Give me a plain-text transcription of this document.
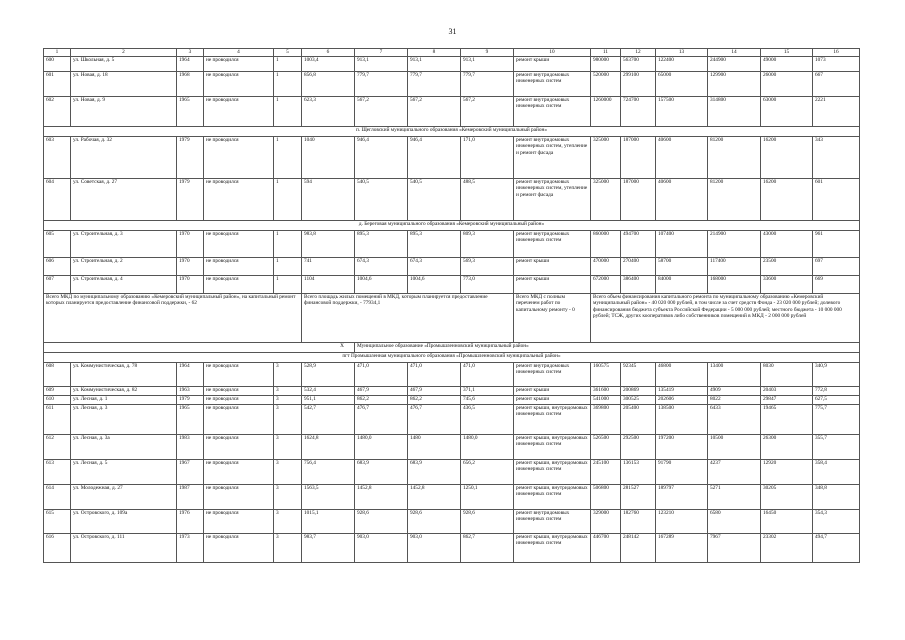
31
1	2	3	4	5	6	7	8	9	10	11	12	13	14	15	16
600	ул. Школьная, д. 5	1964	не проводился	1	1003,4	913,1	913,1	913,1	ремонт крыши	980000	563700	122400	244900	49000	1073
601	ул. Новая, д. 18	1968	не проводился	1	856,8	779,7	779,7	779,7	ремонт внутридомовых инженерных систем	520000	299100	65000	129900	26000	667
602	ул. Новая, д. 9	1965	не проводился	1	623,3	567,2	567,2	567,2	ремонт внутридомовых инженерных систем	1260000	724700	157500	314800	63000	2221
п. Щегловский муниципального образования «Кемеровский муниципальный район»															
603	ул. Рабочая, д. 32	1979	не проводился	1	1040	946,4	946,4	171,0	ремонт внутридомовых инженерных систем, утепление и ремонт фасада	325000	187000	40600	81200	16200	343
604	ул. Советская, д. 27	1979	не проводился	1	594	540,5	540,5	488,5	ремонт внутридомовых инженерных систем, утепление и ремонт фасада	325000	187000	40600	81200	16200	601
д. Береговая муниципального образования «Кемеровский муниципальный район»															
605	ул. Строительная, д. 3	1970	не проводился	1	983,8	895,3	895,3	809,3	ремонт внутридомовых инженерных систем	860000	494700	107400	214900	43000	961
606	ул. Строительная, д. 2	1970	не проводился	1	741	674,3	674,3	569,3	ремонт крыши	470000	270400	58700	117400	23500	697
607	ул. Строительная, д. 4	1970	не проводился	1	1104	1004,6	1004,6	773,0	ремонт крыши	672000	386400	84000	168000	33600	669
Всего МКД по муниципальному образованию «Кемеровский муниципальный район», на капитальный ремонт которых планируется предоставление финансовой поддержки, - 62					Всего площадь жилых помещений в МКД, которым планируется предоставление финансовой поддержки, - 77934,1				Всего МКД с полным переченем работ по капитальному ремонту - 0	Всего объем финансирования капитального ремонта по муниципальному образованию «Кемеровский муниципальный район» - 40 020 000 рублей, в том числе за счет средств Фонда - 23 020 000 рублей; долевого финансирования бюджета субъекта Российской Федерации - 5 000 000 рублей; местного бюджета - 10 000 000 рублей; ТСЖ, других кооперативов либо собственников помещений в МКД - 2 000 000 рублей					
X						Муниципальное образование «Промышленновский муниципальный район»									
пгт Промышленная муниципального образования «Промышленновский муниципальный район»															
608	ул. Коммунистическая, д. 78	1964	не проводился	3	528,9	471,0	471,0	471,0	ремонт внутридомовых инженерных систем	160575	92345	46800	13400	8030	340,9
609	ул. Коммунистическая, д. 82	1963	не проводился	3	532,4	467,9	467,9	371,1	ремонт крыши	361600	200869	135419	4909	20403	772,8
610	ул. Лесная, д. 1	1979	не проводился	3	951,1	862,2	862,2	745,6	ремонт крыши	541000	300525	202606	8022	29847	627,5
611	ул. Лесная, д. 3	1965	не проводился	3	542,7	476,7	476,7	436,5	ремонт крыши, внутридомовых инженерных систем	369800	205400	138500	6433	19465	775,7
612	ул. Лесная, д. 3а	1983	не проводился	3	1624,8	1480,0	1480	1480,0	ремонт крыши, внутридомовых инженерных систем	526500	292500	197200	10500	26300	355,7
613	ул. Лесная, д. 5	1967	не проводился	3	756,4	683,9	683,9	656,2	ремонт крыши, внутридомовых инженерных систем	245100	136153	91790	4237	12920	358,4
614	ул. Молодежная, д. 27	1987	не проводился	3	1563,5	1452,8	1452,8	1250,1	ремонт крыши, внутридомовых инженерных систем	506800	281527	189797	5271	30205	348,8
615	ул. Островского, д. 109а	1976	не проводился	3	1015,1	928,6	928,6	928,6	ремонт внутридомовых инженерных систем	329000	182760	123210	6580	16450	354,3
616	ул. Островского, д. 111	1973	не проводился	3	983,7	903,0	903,0	862,7	ремонт крыши, внутридомовых инженерных систем	446700	248142	167289	7967	23302	494,7
